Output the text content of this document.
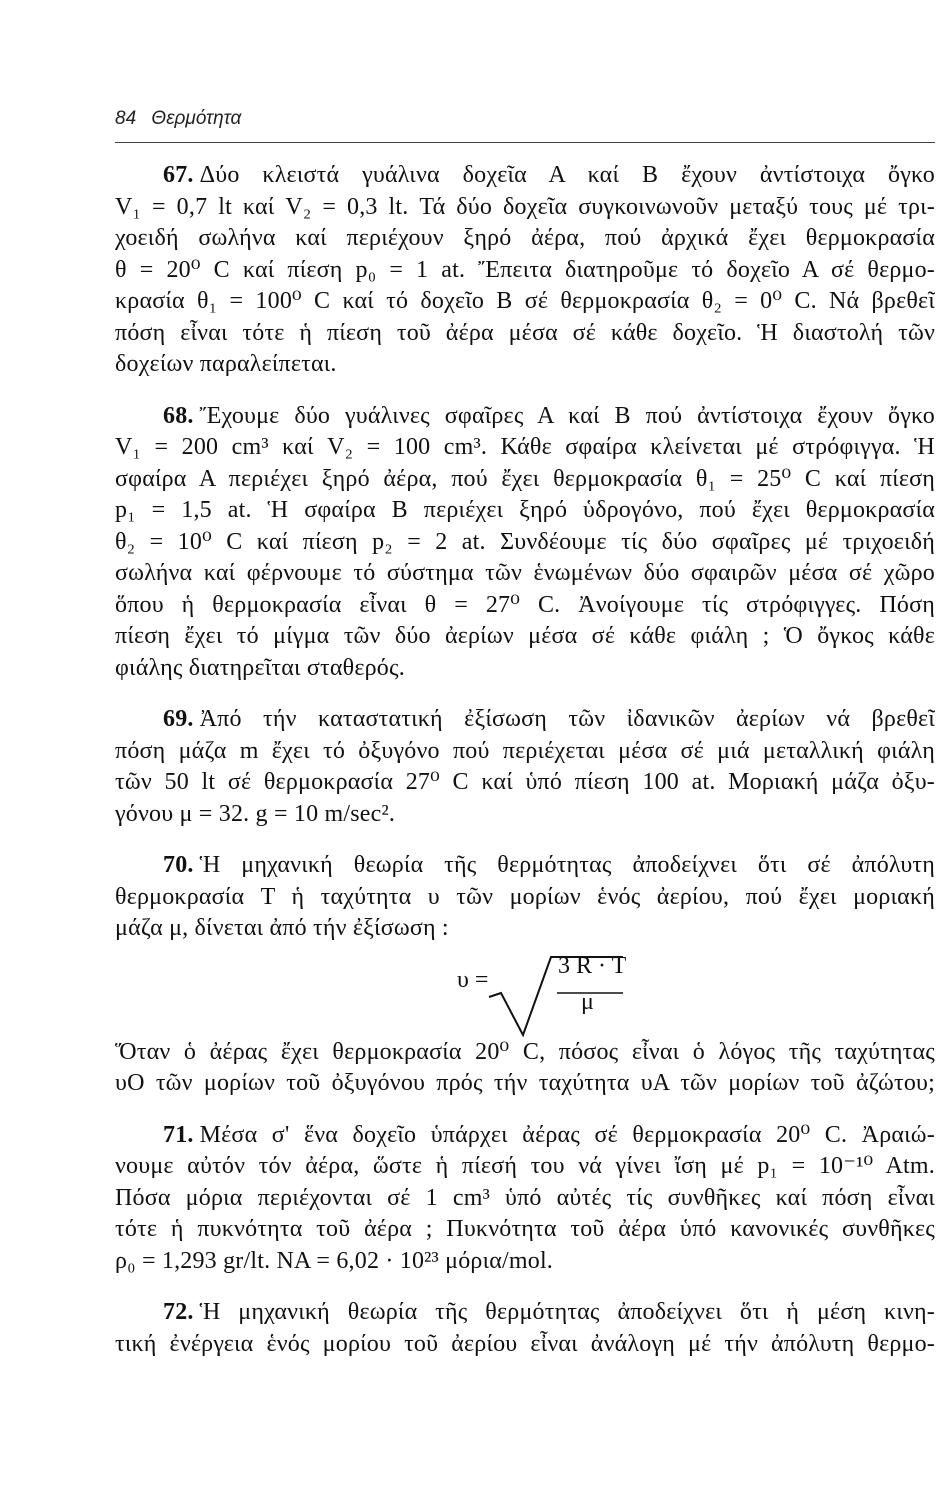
84 Θερμότητα
67. Δύο κλειστά γυάλινα δοχεῖα Α καί Β ἔχουν ἀντίστοιχα ὄγκο
V₁ = 0,7 lt καί V₂ = 0,3 lt. Τά δύο δοχεῖα συγκοινωνοῦν μεταξύ τους μέ τρι-
χοειδή σωλήνα καί περιέχουν ξηρό ἀέρα, πού ἀρχικά ἔχει θερμοκρασία
θ = 20⁰ C καί πίεση p₀ = 1 at. Ἔπειτα διατηροῦμε τό δοχεῖο Α σέ θερμο-
κρασία θ₁ = 100⁰ C καί τό δοχεῖο Β σέ θερμοκρασία θ₂ = 0⁰ C. Νά βρεθεῖ
πόση εἶναι τότε ἡ πίεση τοῦ ἀέρα μέσα σέ κάθε δοχεῖο. Ἡ διαστολή τῶν
δοχείων παραλείπεται.
68. Ἔχουμε δύο γυάλινες σφαῖρες Α καί Β πού ἀντίστοιχα ἔχουν ὄγκο
V₁ = 200 cm³ καί V₂ = 100 cm³. Κάθε σφαίρα κλείνεται μέ στρόφιγγα. Ἡ
σφαίρα Α περιέχει ξηρό ἀέρα, πού ἔχει θερμοκρασία θ₁ = 25⁰ C καί πίεση
p₁ = 1,5 at. Ἡ σφαίρα Β περιέχει ξηρό ὑδρογόνο, πού ἔχει θερμοκρασία
θ₂ = 10⁰ C καί πίεση p₂ = 2 at. Συνδέουμε τίς δύο σφαῖρες μέ τριχοειδή
σωλήνα καί φέρνουμε τό σύστημα τῶν ἑνωμένων δύο σφαιρῶν μέσα σέ χῶρο
ὅπου ἡ θερμοκρασία εἶναι θ = 27⁰ C. Ἀνοίγουμε τίς στρόφιγγες. Πόση
πίεση ἔχει τό μίγμα τῶν δύο ἀερίων μέσα σέ κάθε φιάλη ; Ὁ ὄγκος κάθε
φιάλης διατηρεῖται σταθερός.
69. Ἀπό τήν καταστατική ἐξίσωση τῶν ἰδανικῶν ἀερίων νά βρεθεῖ
πόση μάζα m ἔχει τό ὀξυγόνο πού περιέχεται μέσα σέ μιά μεταλλική φιάλη
τῶν 50 lt σέ θερμοκρασία 27⁰ C καί ὑπό πίεση 100 at. Μοριακή μάζα ὀξυ-
γόνου μ = 32. g = 10 m/sec².
70. Ἡ μηχανική θεωρία τῆς θερμότητας ἀποδείχνει ὅτι σέ ἀπόλυτη
θερμοκρασία T ἡ ταχύτητα υ τῶν μορίων ἑνός ἀερίου, πού ἔχει μοριακή
μάζα μ, δίνεται ἀπό τήν ἐξίσωση :
υ =
3 R · T
μ
Ὅταν ὁ ἀέρας ἔχει θερμοκρασία 20⁰ C, πόσος εἶναι ὁ λόγος τῆς ταχύτητας
υO τῶν μορίων τοῦ ὀξυγόνου πρός τήν ταχύτητα υA τῶν μορίων τοῦ ἀζώτου;
71. Μέσα σ' ἕνα δοχεῖο ὑπάρχει ἀέρας σέ θερμοκρασία 20⁰ C. Ἀραιώ-
νουμε αὐτόν τόν ἀέρα, ὥστε ἡ πίεσή του νά γίνει ἴση μέ p₁ = 10⁻¹⁰ Atm.
Πόσα μόρια περιέχονται σέ 1 cm³ ὑπό αὐτές τίς συνθῆκες καί πόση εἶναι
τότε ἡ πυκνότητα τοῦ ἀέρα ; Πυκνότητα τοῦ ἀέρα ὑπό κανονικές συνθῆκες
ρ₀ = 1,293 gr/lt. NA = 6,02 · 10²³ μόρια/mol.
72. Ἡ μηχανική θεωρία τῆς θερμότητας ἀποδείχνει ὅτι ἡ μέση κινη-
τική ἐνέργεια ἑνός μορίου τοῦ ἀερίου εἶναι ἀνάλογη μέ τήν ἀπόλυτη θερμο-
